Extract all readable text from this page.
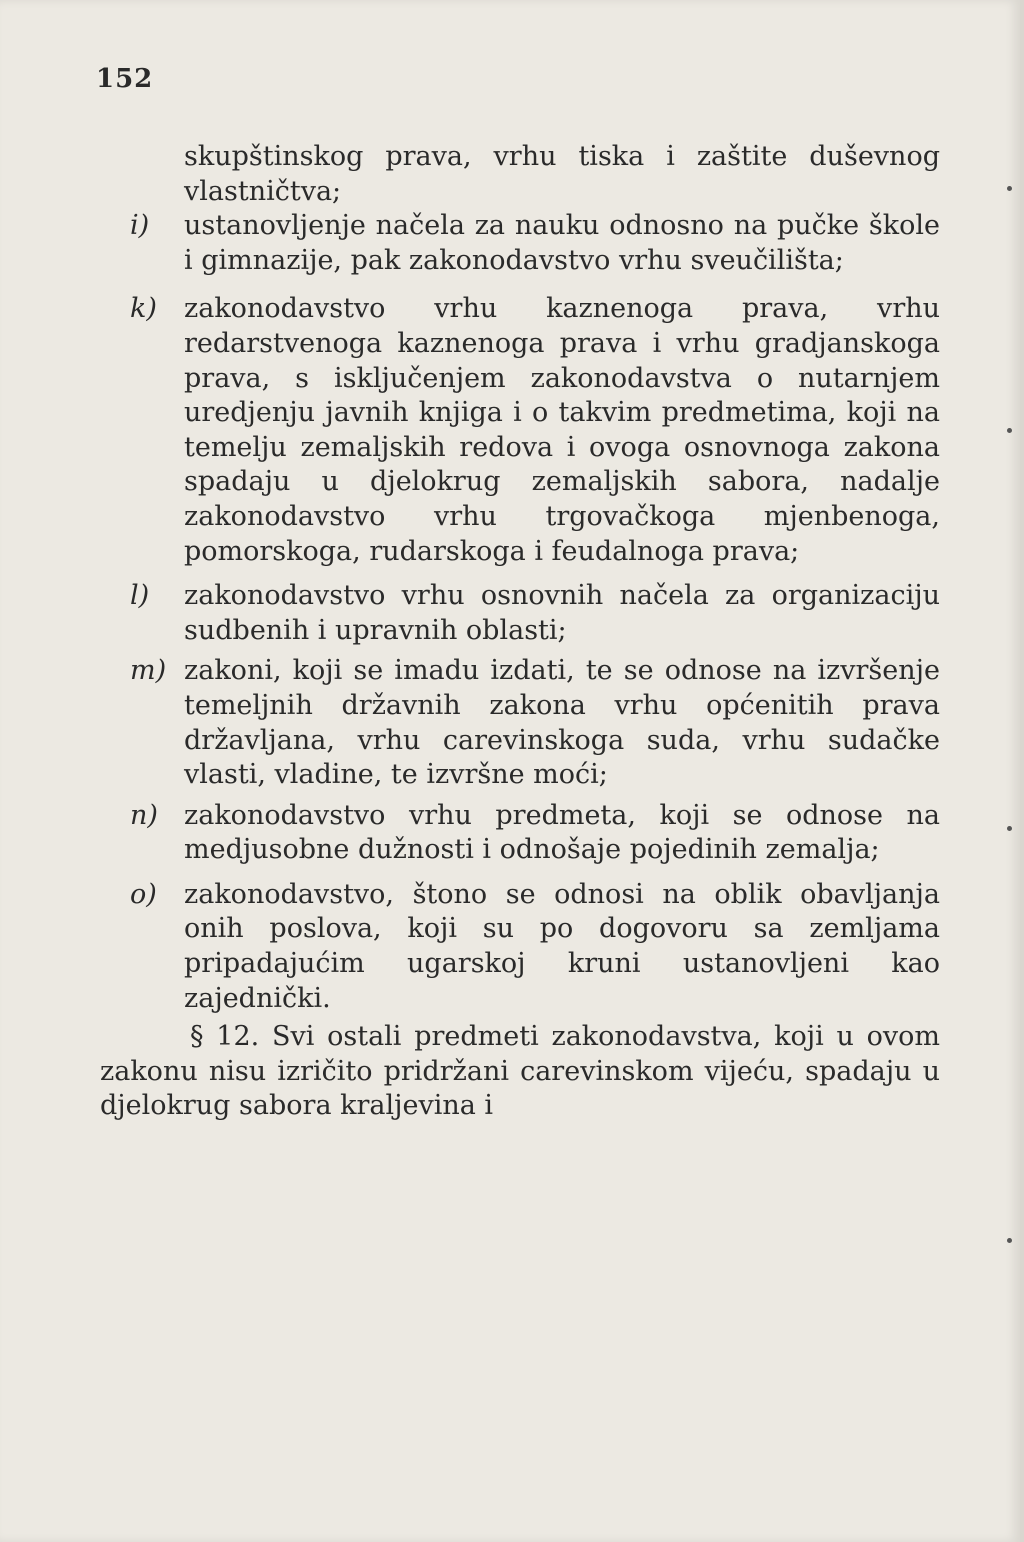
152
skupštinskog prava, vrhu tiska i zaštite duševnog vlastničtva;
i) ustanovljenje načela za nauku odnosno na pučke škole i gimnazije, pak zakonodavstvo vrhu sveučilišta;
k) zakonodavstvo vrhu kaznenoga prava, vrhu redarstvenoga kaznenoga prava i vrhu gradjanskoga prava, s isključenjem zakonodavstva o nutarnjem uredjenju javnih knjiga i o takvim predmetima, koji na temelju zemaljskih redova i ovoga osnovnoga zakona spadaju u djelokrug zemaljskih sabora, nadalje zakonodavstvo vrhu trgovačkoga mjenbenoga, pomorskoga, rudarskoga i feudalnoga prava;
l) zakonodavstvo vrhu osnovnih načela za organizaciju sudbenih i upravnih oblasti;
m) zakoni, koji se imadu izdati, te se odnose na izvršenje temeljnih državnih zakona vrhu općenitih prava državljana, vrhu carevinskoga suda, vrhu sudačke vlasti, vladine, te izvršne moći;
n) zakonodavstvo vrhu predmeta, koji se odnose na medjusobne dužnosti i odnošaje pojedinih zemalja;
o) zakonodavstvo, štono se odnosi na oblik obavljanja onih poslova, koji su po dogovoru sa zemljama pripadajućim ugarskoj kruni ustanovljeni kao zajednički.
§ 12. Svi ostali predmeti zakonodavstva, koji u ovom zakonu nisu izričito pridržani carevinskom vijeću, spadaju u djelokrug sabora kraljevina i
